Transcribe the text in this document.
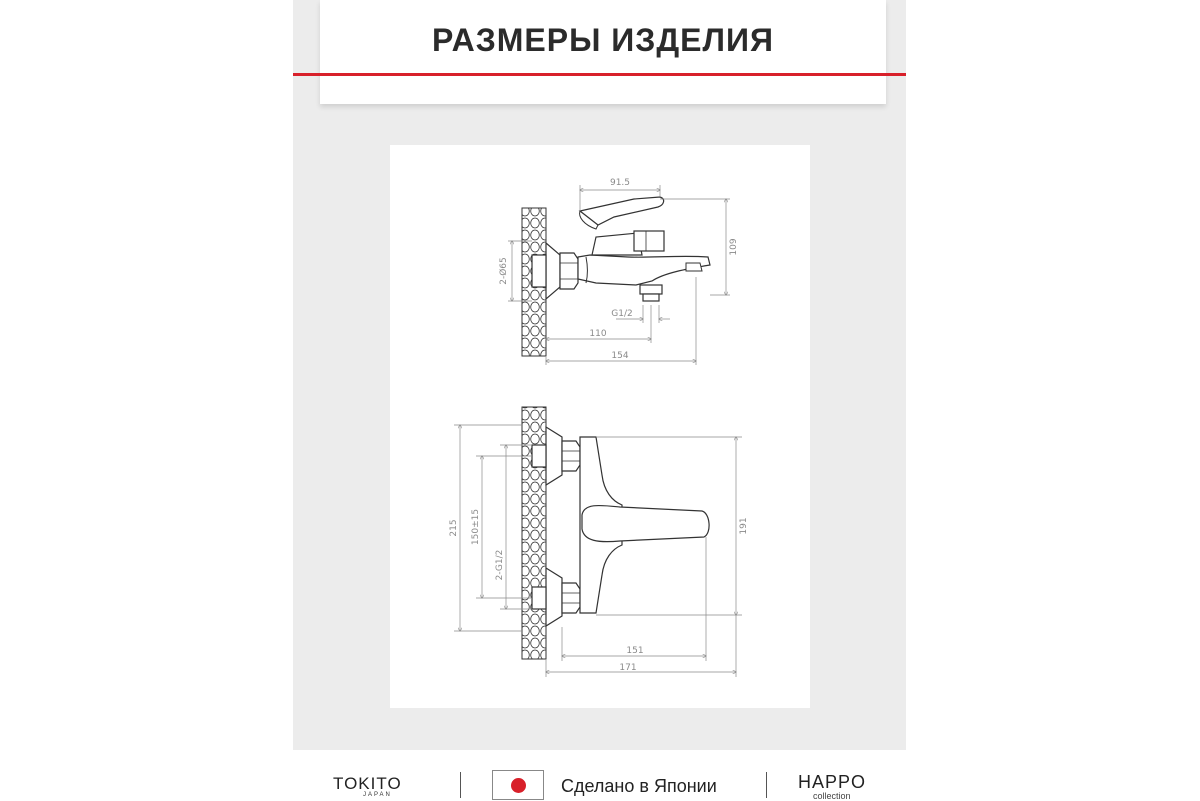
РАЗМЕРЫ ИЗДЕЛИЯ
91.5
109
2-Ø65
G1/2
110
154
215 150±15
2-G1/2
191
151
171
TOKITO
JAPAN	Сделано в Японии	HAPPO
collection
